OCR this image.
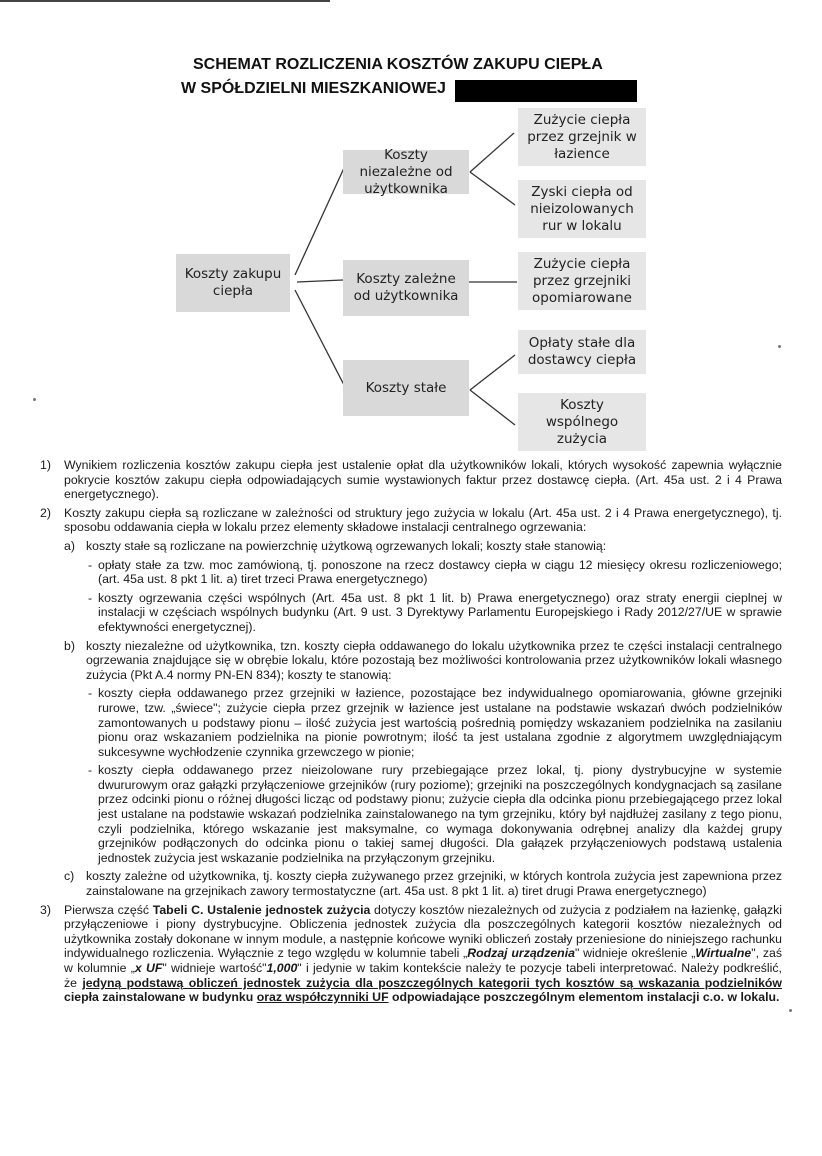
SCHEMAT ROZLICZENIA KOSZTÓW ZAKUPU CIEPŁA
W SPÓŁDZIELNI MIESZKANIOWEJ
Koszty zakupu ciepła
Koszty niezależne od użytkownika
Koszty zależne od użytkownika
Koszty stałe
Zużycie ciepła przez grzejnik w łazience
Zyski ciepła od nieizolowanych rur w lokalu
Zużycie ciepła przez grzejniki opomiarowane
Opłaty stałe dla dostawcy ciepła
Koszty wspólnego zużycia
1) Wynikiem rozliczenia kosztów zakupu ciepła jest ustalenie opłat dla użytkowników lokali, których wysokość zapewnia wyłącznie pokrycie kosztów zakupu ciepła odpowiadających sumie wystawionych faktur przez dostawcę ciepła. (Art. 45a ust. 2 i 4 Prawa energetycznego).
2) Koszty zakupu ciepła są rozliczane w zależności od struktury jego zużycia w lokalu (Art. 45a ust. 2 i 4 Prawa energetycznego), tj. sposobu oddawania ciepła w lokalu przez elementy składowe instalacji centralnego ogrzewania:
a) koszty stałe są rozliczane na powierzchnię użytkową ogrzewanych lokali; koszty stałe stanowią:
- opłaty stałe za tzw. moc zamówioną, tj. ponoszone na rzecz dostawcy ciepła w ciągu 12 miesięcy okresu rozliczeniowego; (art. 45a ust. 8 pkt 1 lit. a) tiret trzeci Prawa energetycznego)
- koszty ogrzewania części wspólnych (Art. 45a ust. 8 pkt 1 lit. b) Prawa energetycznego) oraz straty energii cieplnej w instalacji w częściach wspólnych budynku (Art. 9 ust. 3 Dyrektywy Parlamentu Europejskiego i Rady 2012/27/UE w sprawie efektywności energetycznej).
b) koszty niezależne od użytkownika, tzn. koszty ciepła oddawanego do lokalu użytkownika przez te części instalacji centralnego ogrzewania znajdujące się w obrębie lokalu, które pozostają bez możliwości kontrolowania przez użytkowników lokali własnego zużycia (Pkt A.4 normy PN-EN 834); koszty te stanowią:
- koszty ciepła oddawanego przez grzejniki w łazience, pozostające bez indywidualnego opomiarowania, główne grzejniki rurowe, tzw. „świece"; zużycie ciepła przez grzejnik w łazience jest ustalane na podstawie wskazań dwóch podzielników zamontowanych u podstawy pionu – ilość zużycia jest wartością pośrednią pomiędzy wskazaniem podzielnika na zasilaniu pionu oraz wskazaniem podzielnika na pionie powrotnym; ilość ta jest ustalana zgodnie z algorytmem uwzględniającym sukcesywne wychłodzenie czynnika grzewczego w pionie;
- koszty ciepła oddawanego przez nieizolowane rury przebiegające przez lokal, tj. piony dystrybucyjne w systemie dwururowym oraz gałązki przyłączeniowe grzejników (rury poziome); grzejniki na poszczególnych kondygnacjach są zasilane przez odcinki pionu o różnej długości licząc od podstawy pionu; zużycie ciepła dla odcinka pionu przebiegającego przez lokal jest ustalane na podstawie wskazań podzielnika zainstalowanego na tym grzejniku, który był najdłużej zasilany z tego pionu, czyli podzielnika, którego wskazanie jest maksymalne, co wymaga dokonywania odrębnej analizy dla każdej grupy grzejników podłączonych do odcinka pionu o takiej samej długości. Dla gałązek przyłączeniowych podstawą ustalenia jednostek zużycia jest wskazanie podzielnika na przyłączonym grzejniku.
c) koszty zależne od użytkownika, tj. koszty ciepła zużywanego przez grzejniki, w których kontrola zużycia jest zapewniona przez zainstalowane na grzejnikach zawory termostatyczne (art. 45a ust. 8 pkt 1 lit. a) tiret drugi Prawa energetycznego)
3) Pierwsza część Tabeli C. Ustalenie jednostek zużycia dotyczy kosztów niezależnych od zużycia z podziałem na łazienkę, gałązki przyłączeniowe i piony dystrybucyjne. Obliczenia jednostek zużycia dla poszczególnych kategorii kosztów niezależnych od użytkownika zostały dokonane w innym module, a następnie końcowe wyniki obliczeń zostały przeniesione do niniejszego rachunku indywidualnego rozliczenia. Wyłącznie z tego względu w kolumnie tabeli „Rodzaj urządzenia" widnieje określenie „Wirtualne", zaś w kolumnie „x UF" widnieje wartość"1,000" i jedynie w takim kontekście należy te pozycje tabeli interpretować. Należy podkreślić, że jedyną podstawą obliczeń jednostek zużycia dla poszczególnych kategorii tych kosztów są wskazania podzielników ciepła zainstalowane w budynku oraz współczynniki UF odpowiadające poszczególnym elementom instalacji c.o. w lokalu.
